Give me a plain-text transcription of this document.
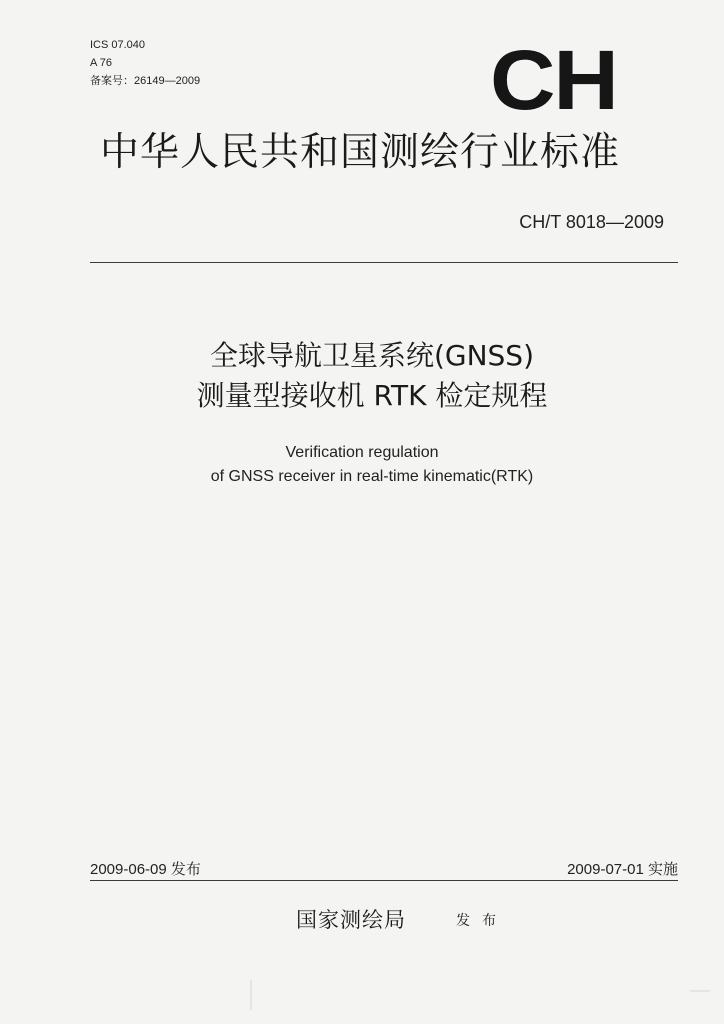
ICS 07.040
A 76
备案号：26149—2009	CH
中华人民共和国测绘行业标准
CH/T 8018—2009
全球导航卫星系统(GNSS)
测量型接收机 RTK 检定规程
Verification regulation
of GNSS receiver in real-time kinematic(RTK)
2009-06-09 发布	2009-07-01 实施
国家测绘局	发布
